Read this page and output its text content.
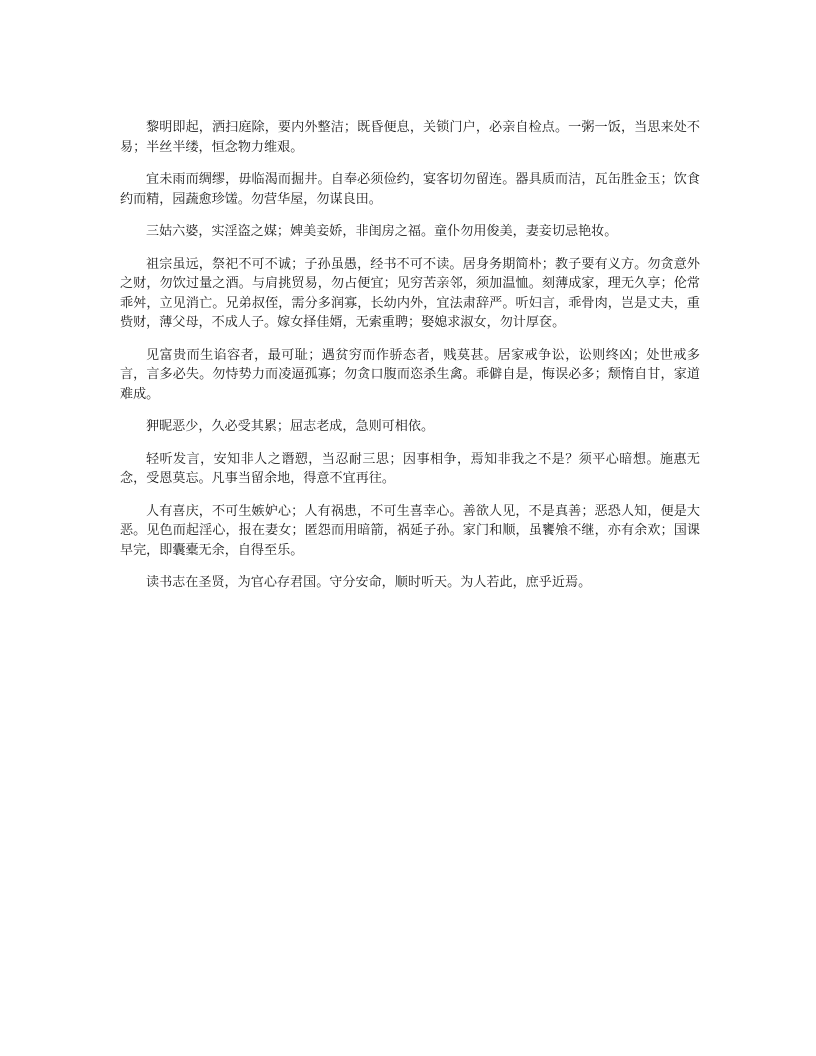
黎明即起，洒扫庭除，要内外整洁；既昏便息，关锁门户，必亲自检点。一粥一饭，当思来处不易；半丝半缕，恒念物力维艰。

宜未雨而绸缪，毋临渴而掘井。自奉必须俭约，宴客切勿留连。器具质而洁，瓦缶胜金玉；饮食约而精，园蔬愈珍馐。勿营华屋，勿谋良田。

三姑六婆，实淫盗之媒；婢美妾娇，非闺房之福。童仆勿用俊美，妻妾切忌艳妆。

祖宗虽远，祭祀不可不诚；子孙虽愚，经书不可不读。居身务期简朴；教子要有义方。勿贪意外之财，勿饮过量之酒。与肩挑贸易，勿占便宜；见穷苦亲邻，须加温恤。刻薄成家，理无久享；伦常乖舛，立见消亡。兄弟叔侄，需分多润寡，长幼内外，宜法肃辞严。听妇言，乖骨肉，岂是丈夫，重赀财，薄父母，不成人子。嫁女择佳婿，无索重聘；娶媳求淑女，勿计厚奁。

见富贵而生谄容者，最可耻；遇贫穷而作骄态者，贱莫甚。居家戒争讼，讼则终凶；处世戒多言，言多必失。勿恃势力而凌逼孤寡；勿贪口腹而恣杀生禽。乖僻自是，悔误必多；颓惰自甘，家道难成。

狎昵恶少，久必受其累；屈志老成，急则可相依。

轻听发言，安知非人之谮愬，当忍耐三思；因事相争，焉知非我之不是？须平心暗想。施惠无念，受恩莫忘。凡事当留余地，得意不宜再往。

人有喜庆，不可生嫉妒心；人有祸患，不可生喜幸心。善欲人见，不是真善；恶恐人知，便是大恶。见色而起淫心，报在妻女；匿怨而用暗箭，祸延子孙。家门和顺，虽饔飧不继，亦有余欢；国课早完，即囊橐无余，自得至乐。

读书志在圣贤，为官心存君国。守分安命，顺时听天。为人若此，庶乎近焉。
